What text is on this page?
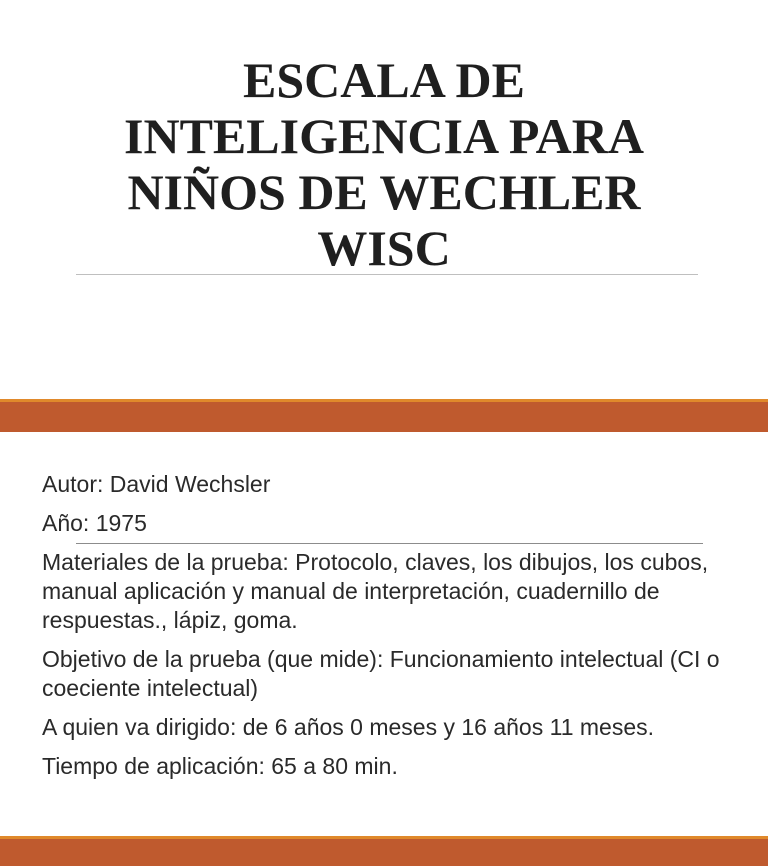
ESCALA DE
INTELIGENCIA PARA
NIÑOS DE WECHLER
WISC

Autor: David Wechsler

Año: 1975

Materiales de la prueba: Protocolo, claves, los dibujos, los cubos, manual aplicación y manual de interpretación, cuadernillo de respuestas., lápiz, goma.

Objetivo de la prueba (que mide): Funcionamiento intelectual (CI o coeciente intelectual)

A quien va dirigido: de 6 años 0 meses y 16 años 11 meses.

Tiempo de aplicación: 65 a 80 min.
